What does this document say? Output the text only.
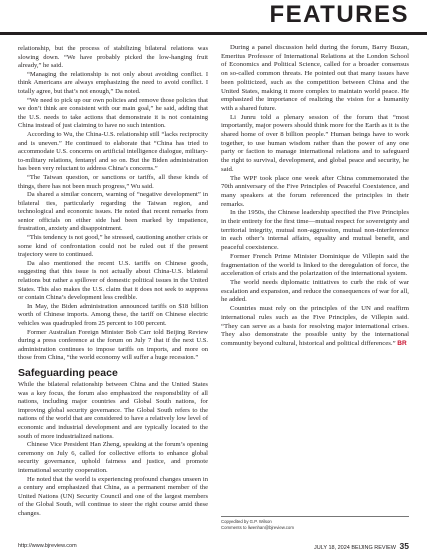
FEATURES

relationship, but the process of stabilizing bilateral relations was slowing down. “We have probably picked the low-hanging fruit already,” he said.

“Managing the relationship is not only about avoiding conflict. I think Americans are always emphasizing the need to avoid conflict. I totally agree, but that’s not enough,” Da noted.

“We need to pick up our own policies and remove those policies that we don’t think are consistent with our main goal,” he said, adding that the U.S. needs to take actions that demonstrate it is not containing China instead of just claiming to have no such intention.

According to Wu, the China-U.S. relationship still “lacks reciprocity and is uneven.” He continued to elaborate that “China has tried to accommodate U.S. concerns on artificial intelligence dialogue, military-to-military relations, fentanyl and so on. But the Biden administration has been very reluctant to address China’s concerns.”

“The Taiwan question, or sanctions or tariffs, all these kinds of things, there has not been much progress,” Wu said.

Da shared a similar concern, warning of “negative development” in bilateral ties, particularly regarding the Taiwan region, and technological and economic issues. He noted that recent remarks from senior officials on either side had been marked by impatience, frustration, anxiety and disappointment.

“This tendency is not good,” he stressed, cautioning another crisis or some kind of confrontation could not be ruled out if the present trajectory were to continued.

Da also mentioned the recent U.S. tariffs on Chinese goods, suggesting that this issue is not actually about China-U.S. bilateral relations but rather a spillover of domestic political issues in the United States. This also makes the U.S. claim that it does not seek to suppress or contain China’s development less credible.

In May, the Biden administration announced tariffs on $18 billion worth of Chinese imports. Among these, the tariff on Chinese electric vehicles was quadrupled from 25 percent to 100 percent.

Former Australian Foreign Minister Bob Carr told Beijing Review during a press conference at the forum on July 7 that if the next U.S. administration continues to impose tariffs on imports, and more on those from China, “the world economy will suffer a huge recession.”

Safeguarding peace

While the bilateral relationship between China and the United States was a key focus, the forum also emphasized the responsibility of all nations, including major countries and Global South nations, for improving global security governance. The Global South refers to the nations of the world that are considered to have a relatively low level of economic and industrial development and are typically located to the south of more industrialized nations.

Chinese Vice President Han Zheng, speaking at the forum’s opening ceremony on July 6, called for collective efforts to enhance global security governance, uphold fairness and justice, and promote international security cooperation.

He noted that the world is experiencing profound changes unseen in a century and emphasized that China, as a permanent member of the United Nations (UN) Security Council and one of the largest members of the Global South, will continue to steer the right course amid these changes.

During a panel discussion held during the forum, Barry Buzan, Emeritus Professor of International Relations at the London School of Economics and Political Science, called for a broader consensus on so-called common threats. He pointed out that many issues have been politicized, such as the competition between China and the United States, making it more complex to maintain world peace. He emphasized the importance of realizing the vision for a humanity with a shared future.

Li Junru told a plenary session of the forum that “most importantly, major powers should think more for the Earth as it is the shared home of over 8 billion people.” Human beings have to work together, to use human wisdom rather than the power of any one party or faction to manage international relations and to safeguard the right to survival, development, and global peace and security, he said.

The WPF took place one week after China commemorated the 70th anniversary of the Five Principles of Peaceful Coexistence, and many speakers at the forum referenced the principles in their remarks.

In the 1950s, the Chinese leadership specified the Five Principles in their entirety for the first time—mutual respect for sovereignty and territorial integrity, mutual non-aggression, mutual non-interference in each other’s internal affairs, equality and mutual benefit, and peaceful coexistence.

Former French Prime Minister Dominique de Villepin said the fragmentation of the world is linked to the deregulation of force, the acceleration of crisis and the polarization of the international system.

The world needs diplomatic initiatives to curb the risk of war escalation and expansion, and reduce the consequences of war for all, he added.

Countries must rely on the principles of the UN and reaffirm international rules such as the Five Principles, de Villepin said. “They can serve as a basis for resolving major international crises. They also demonstrate the possible unity by the international community beyond cultural, historical and political differences.” BR

Copyedited by G.P. Wilson
Comments to liwenhan@bjreview.com
http://www.bjreview.com	JULY 18, 2024 BEIJING REVIEW 35
